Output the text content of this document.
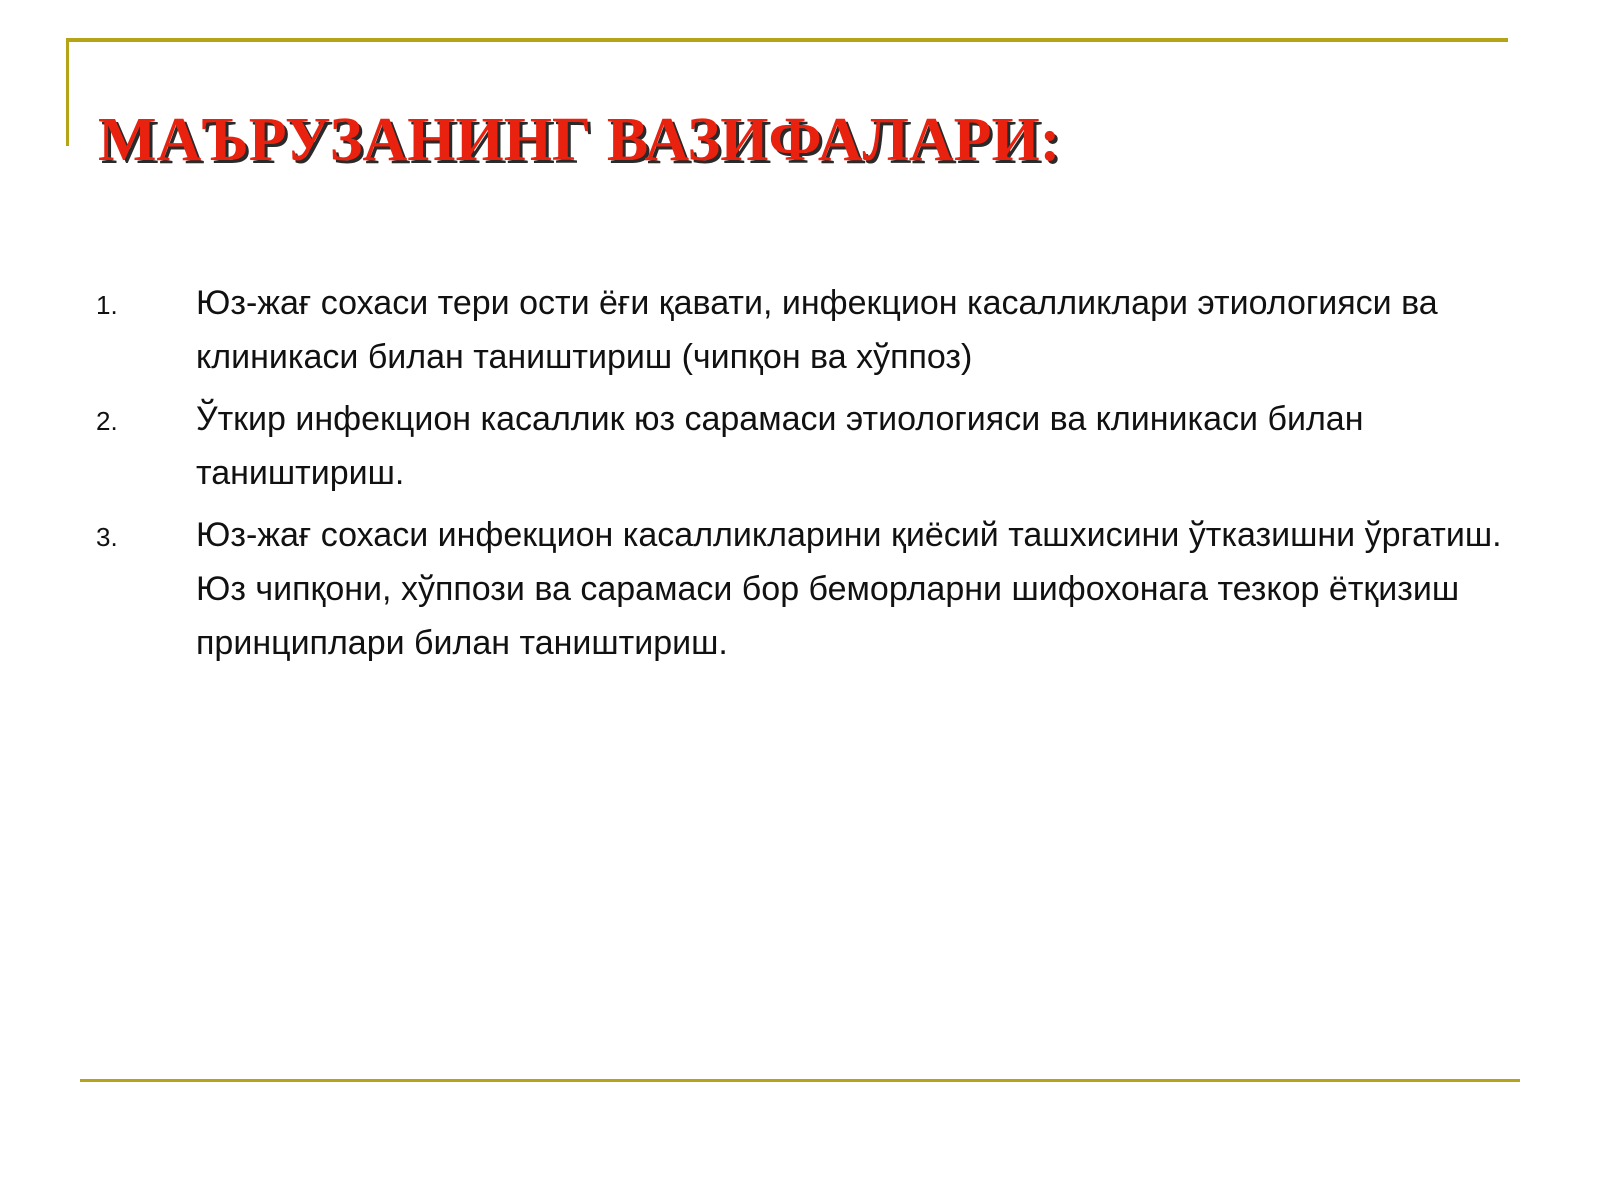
МАЪРУЗАНИНГ ВАЗИФАЛАРИ:
1. Юз-жағ сохаси тери ости ёғи қавати, инфекцион касалликлари этиологияси ва клиникаси билан таништириш (чипқон ва хўппоз)
2. Ўткир инфекцион касаллик юз сарамаси этиологияси ва клиникаси билан таништириш.
3. Юз-жағ сохаси инфекцион касалликларини қиёсий ташхисини ўтказишни ўргатиш. Юз чипқони, хўппози ва сарамаси бор беморларни шифохонага тезкор ётқизиш принциплари билан таништириш.
